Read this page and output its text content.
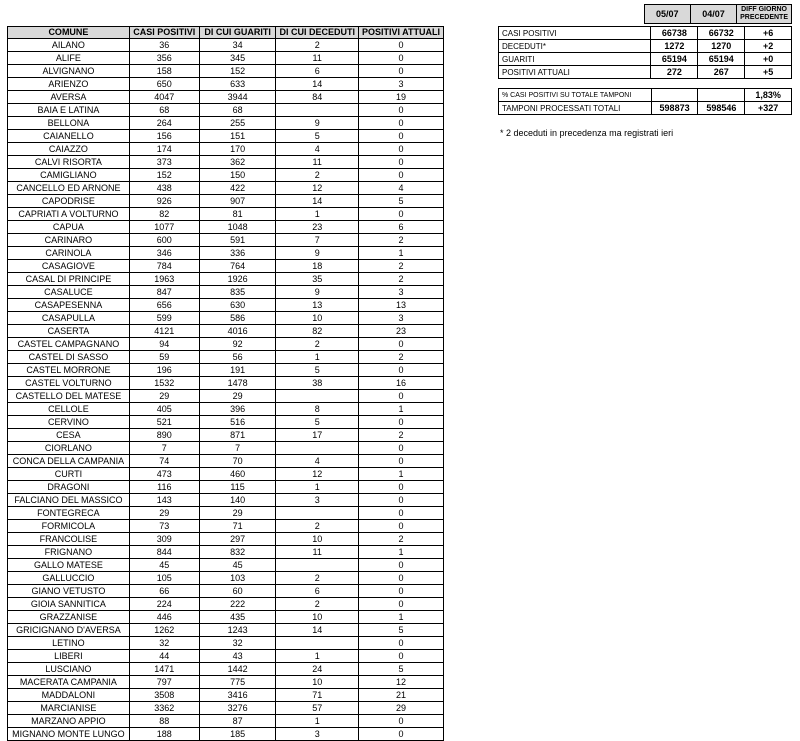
COMUNE	CASI POSITIVI	DI CUI GUARITI	DI CUI DECEDUTI	POSITIVI ATTUALI
AILANO	36	34	2	0
ALIFE	356	345	11	0
ALVIGNANO	158	152	6	0
ARIENZO	650	633	14	3
AVERSA	4047	3944	84	19
BAIA E LATINA	68	68		0
BELLONA	264	255	9	0
CAIANELLO	156	151	5	0
CAIAZZO	174	170	4	0
CALVI RISORTA	373	362	11	0
CAMIGLIANO	152	150	2	0
CANCELLO ED ARNONE	438	422	12	4
CAPODRISE	926	907	14	5
CAPRIATI A VOLTURNO	82	81	1	0
CAPUA	1077	1048	23	6
CARINARO	600	591	7	2
CARINOLA	346	336	9	1
CASAGIOVE	784	764	18	2
CASAL DI PRINCIPE	1963	1926	35	2
CASALUCE	847	835	9	3
CASAPESENNA	656	630	13	13
CASAPULLA	599	586	10	3
CASERTA	4121	4016	82	23
CASTEL CAMPAGNANO	94	92	2	0
CASTEL DI SASSO	59	56	1	2
CASTEL MORRONE	196	191	5	0
CASTEL VOLTURNO	1532	1478	38	16
CASTELLO DEL MATESE	29	29		0
CELLOLE	405	396	8	1
CERVINO	521	516	5	0
CESA	890	871	17	2
CIORLANO	7	7		0
CONCA DELLA CAMPANIA	74	70	4	0
CURTI	473	460	12	1
DRAGONI	116	115	1	0
FALCIANO DEL MASSICO	143	140	3	0
FONTEGRECA	29	29		0
FORMICOLA	73	71	2	0
FRANCOLISE	309	297	10	2
FRIGNANO	844	832	11	1
GALLO MATESE	45	45		0
GALLUCCIO	105	103	2	0
GIANO VETUSTO	66	60	6	0
GIOIA SANNITICA	224	222	2	0
GRAZZANISE	446	435	10	1
GRICIGNANO D'AVERSA	1262	1243	14	5
LETINO	32	32		0
LIBERI	44	43	1	0
LUSCIANO	1471	1442	24	5
MACERATA CAMPANIA	797	775	10	12
MADDALONI	3508	3416	71	21
MARCIANISE	3362	3276	57	29
MARZANO APPIO	88	87	1	0
MIGNANO MONTE LUNGO	188	185	3	0
	05/07	04/07	DIFF GIORNO PRECEDENTE
CASI POSITIVI	66738	66732	+6
DECEDUTI*	1272	1270	+2
GUARITI	65194	65194	+0
POSITIVI ATTUALI	272	267	+5
% CASI POSITIVI SU TOTALE TAMPONI			1,83%
TAMPONI PROCESSATI TOTALI	598873	598546	+327
* 2 deceduti in precedenza ma registrati ieri
